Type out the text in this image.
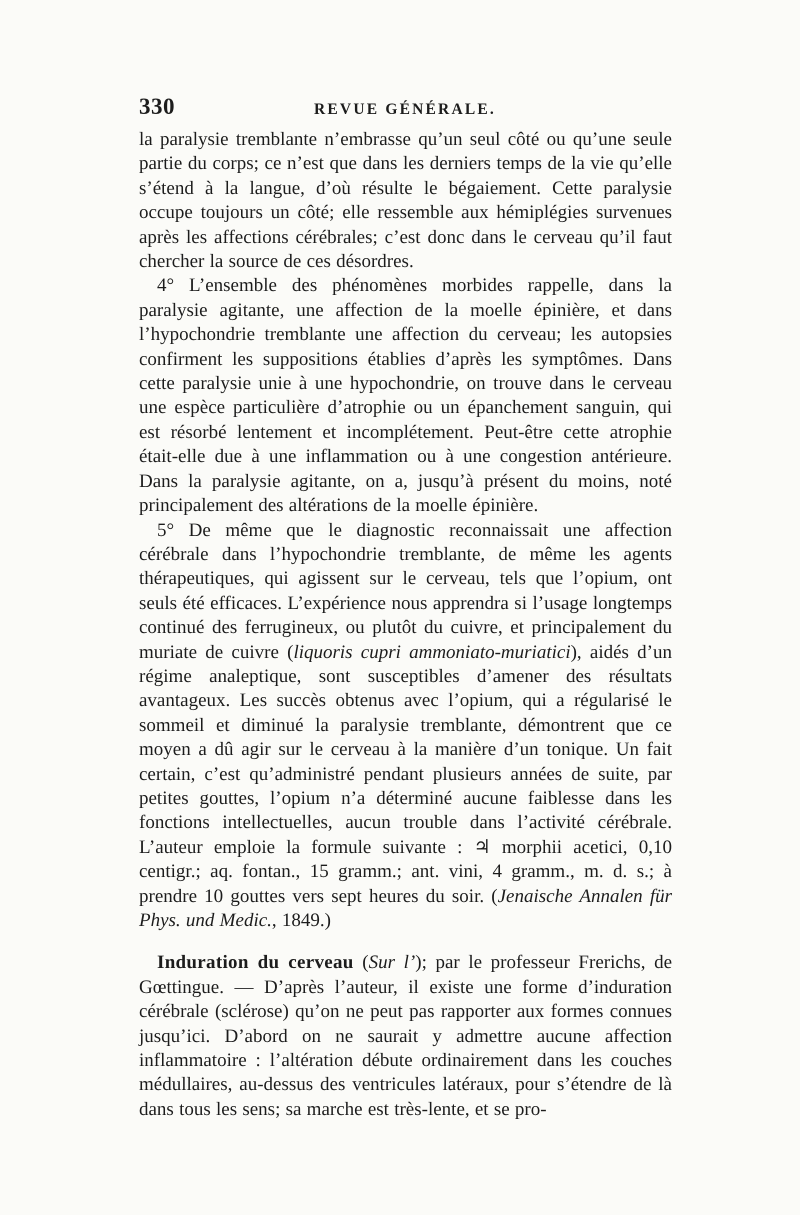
330	REVUE GÉNÉRALE.

la paralysie tremblante n’embrasse qu’un seul côté ou qu’une seule partie du corps; ce n’est que dans les derniers temps de la vie qu’elle s’étend à la langue, d’où résulte le bégaiement. Cette paralysie occupe toujours un côté; elle ressemble aux hémiplégies survenues après les affections cérébrales; c’est donc dans le cerveau qu’il faut chercher la source de ces désordres.

4° L’ensemble des phénomènes morbides rappelle, dans la paralysie agitante, une affection de la moelle épinière, et dans l’hypochondrie tremblante une affection du cerveau; les autopsies confirment les suppositions établies d’après les symptômes. Dans cette paralysie unie à une hypochondrie, on trouve dans le cerveau une espèce particulière d’atrophie ou un épanchement sanguin, qui est résorbé lentement et incomplétement. Peut-être cette atrophie était-elle due à une inflammation ou à une congestion antérieure. Dans la paralysie agitante, on a, jusqu’à présent du moins, noté principalement des altérations de la moelle épinière.

5° De même que le diagnostic reconnaissait une affection cérébrale dans l’hypochondrie tremblante, de même les agents thérapeutiques, qui agissent sur le cerveau, tels que l’opium, ont seuls été efficaces. L’expérience nous apprendra si l’usage longtemps continué des ferrugineux, ou plutôt du cuivre, et principalement du muriate de cuivre (liquoris cupri ammoniato-muriatici), aidés d’un régime analeptique, sont susceptibles d’amener des résultats avantageux. Les succès obtenus avec l’opium, qui a régularisé le sommeil et diminué la paralysie tremblante, démontrent que ce moyen a dû agir sur le cerveau à la manière d’un tonique. Un fait certain, c’est qu’administré pendant plusieurs années de suite, par petites gouttes, l’opium n’a déterminé aucune faiblesse dans les fonctions intellectuelles, aucun trouble dans l’activité cérébrale. L’auteur emploie la formule suivante : ♃ morphii acetici, 0,10 centigr.; aq. fontan., 15 gramm.; ant. vini, 4 gramm., m. d. s.; à prendre 10 gouttes vers sept heures du soir. (Jenaische Annalen für Phys. und Medic., 1849.)

Induration du cerveau (Sur l’); par le professeur Frerichs, de Gœttingue. — D’après l’auteur, il existe une forme d’induration cérébrale (sclérose) qu’on ne peut pas rapporter aux formes connues jusqu’ici. D’abord on ne saurait y admettre aucune affection inflammatoire : l’altération débute ordinairement dans les couches médullaires, au-dessus des ventricules latéraux, pour s’étendre de là dans tous les sens; sa marche est très-lente, et se pro-
